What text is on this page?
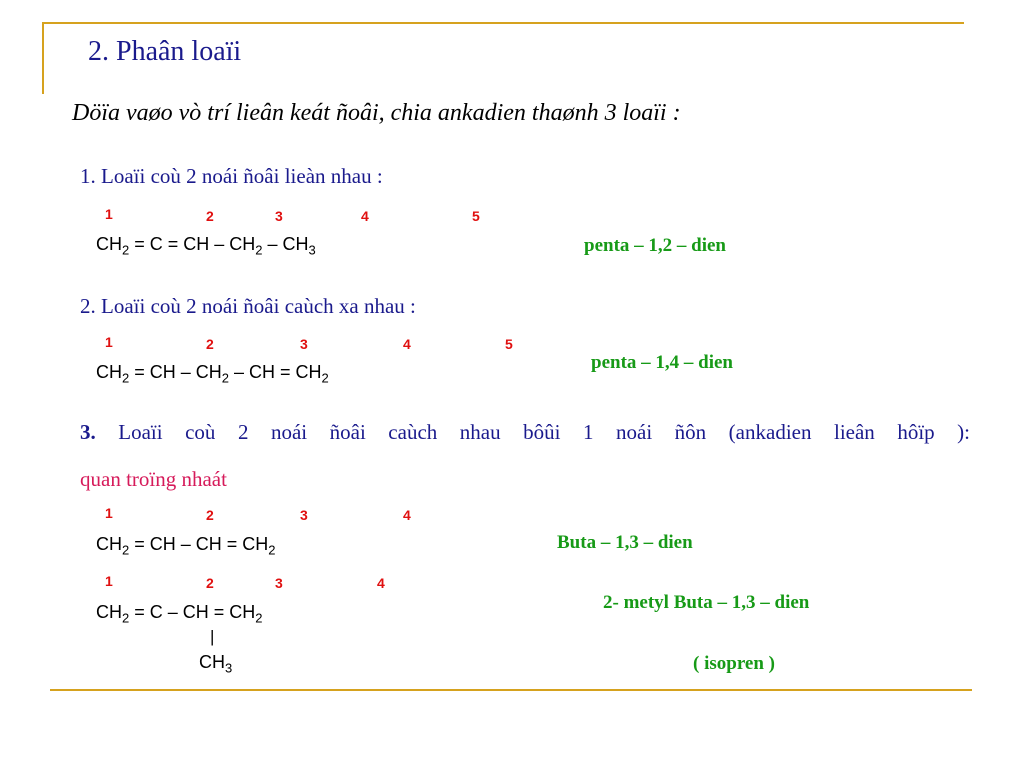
2. Phaân loaïi
Döïa vaøo vò trí lieân keát ñoâi, chia ankadien thaønh 3 loaïi :
1. Loaïi coù 2 noái ñoâi lieàn nhau :
1	2	3	4	5
$CH_2 = C$ = CH – $CH_2 - CH_3$	penta – 1,2 – dien
2. Loaïi coù 2 noái ñoâi caùch xa nhau :
1	2	3	4	5
$CH_2$ = CH – $CH_2$ – CH = $CH_2$
penta – 1,4 – dien
3. Loaïi coù 2 noái ñoâi caùch nhau bôûi 1 noái ñôn (ankadien lieân hôïp ):
quan troïng nhaát
1	2	3	4
$CH_2$ = CH – CH = $CH_2$	Buta – 1,3 – dien
1	2	3	4
$CH_2 = C$ – CH = $CH_2$
|
$CH_3$
2- metyl Buta – 1,3 – dien
( isopren )
